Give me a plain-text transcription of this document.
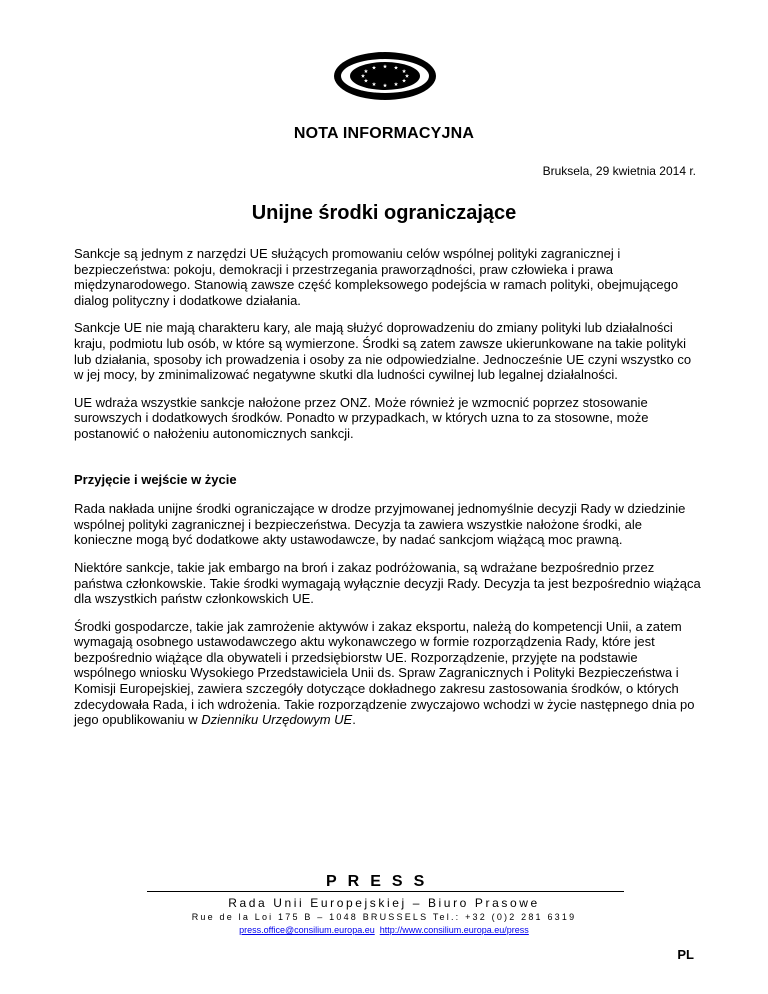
NOTA INFORMACYJNA
Bruksela, 29 kwietnia 2014 r.
Unijne środki ograniczające

Sankcje są jednym z narzędzi UE służących promowaniu celów wspólnej polityki zagranicznej i bezpieczeństwa: pokoju, demokracji i przestrzegania praworządności, praw człowieka i prawa międzynarodowego. Stanowią zawsze część kompleksowego podejścia w ramach polityki, obejmującego dialog polityczny i dodatkowe działania.

Sankcje UE nie mają charakteru kary, ale mają służyć doprowadzeniu do zmiany polityki lub działalności kraju, podmiotu lub osób, w które są wymierzone. Środki są zatem zawsze ukierunkowane na takie polityki lub działania, sposoby ich prowadzenia i osoby za nie odpowiedzialne. Jednocześnie UE czyni wszystko co w jej mocy, by zminimalizować negatywne skutki dla ludności cywilnej lub legalnej działalności.

UE wdraża wszystkie sankcje nałożone przez ONZ. Może również je wzmocnić poprzez stosowanie surowszych i dodatkowych środków. Ponadto w przypadkach, w których uzna to za stosowne, może postanowić o nałożeniu autonomicznych sankcji.

Przyjęcie i wejście w życie

Rada nakłada unijne środki ograniczające w drodze przyjmowanej jednomyślnie decyzji Rady w dziedzinie wspólnej polityki zagranicznej i bezpieczeństwa. Decyzja ta zawiera wszystkie nałożone środki, ale konieczne mogą być dodatkowe akty ustawodawcze, by nadać sankcjom wiążącą moc prawną.

Niektóre sankcje, takie jak embargo na broń i zakaz podróżowania, są wdrażane bezpośrednio przez państwa członkowskie. Takie środki wymagają wyłącznie decyzji Rady. Decyzja ta jest bezpośrednio wiążąca dla wszystkich państw członkowskich UE.

Środki gospodarcze, takie jak zamrożenie aktywów i zakaz eksportu, należą do kompetencji Unii, a zatem wymagają osobnego ustawodawczego aktu wykonawczego w formie rozporządzenia Rady, które jest bezpośrednio wiążące dla obywateli i przedsiębiorstw UE. Rozporządzenie, przyjęte na podstawie wspólnego wniosku Wysokiego Przedstawiciela Unii ds. Spraw Zagranicznych i Polityki Bezpieczeństwa i Komisji Europejskiej, zawiera szczegóły dotyczące dokładnego zakresu zastosowania środków, o których zdecydowała Rada, i ich wdrożenia. Takie rozporządzenie zwyczajowo wchodzi w życie następnego dnia po jego opublikowaniu w Dzienniku Urzędowym UE.

PRESS
Rada Unii Europejskiej – Biuro Prasowe
Rue de la Loi 175 B – 1048 BRUSSELS Tel.: +32 (0)2 281 6319
press.office@consilium.europa.eu http://www.consilium.europa.eu/press
PL
